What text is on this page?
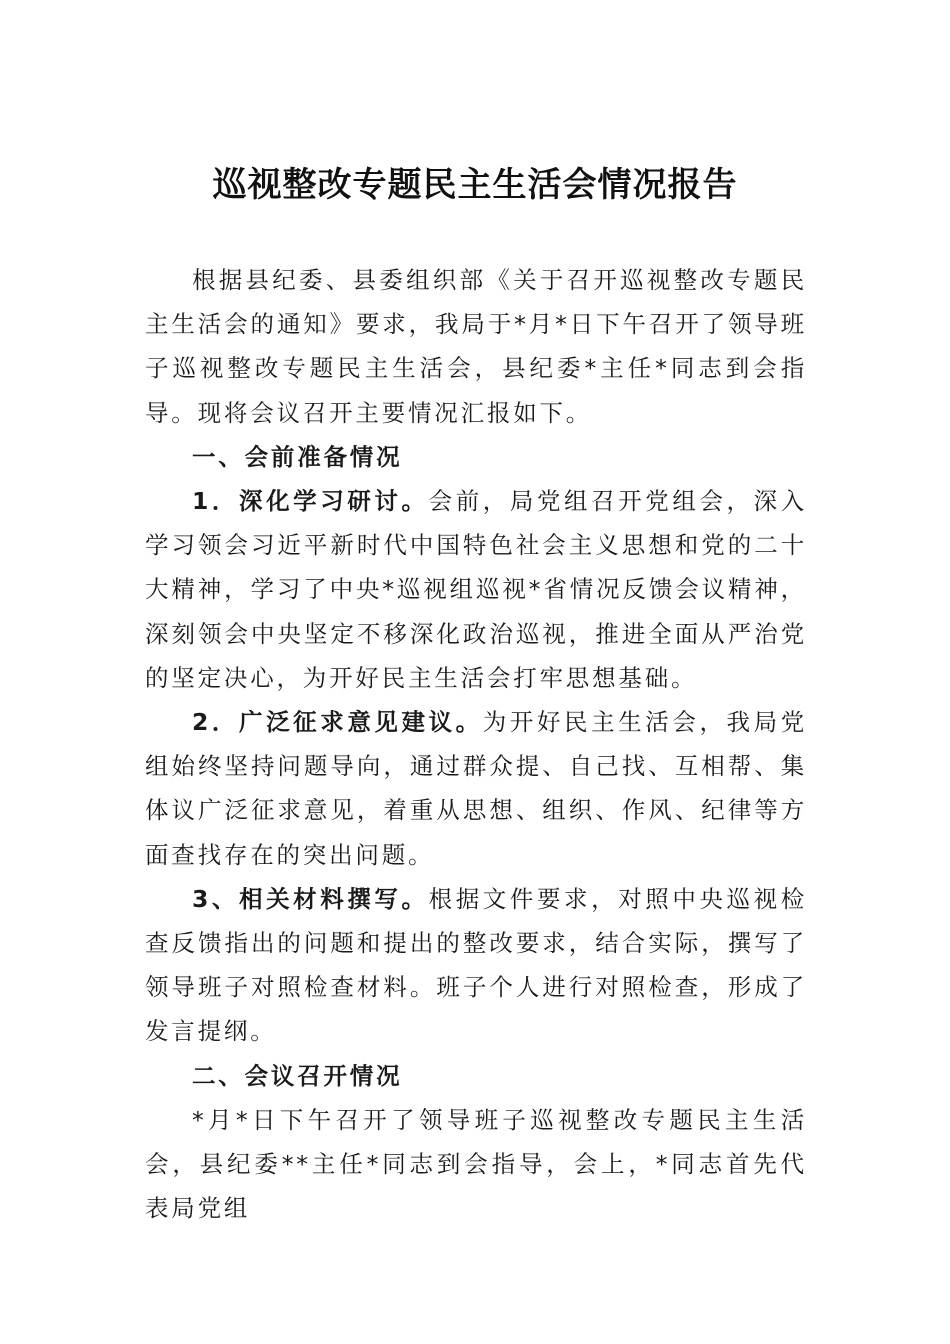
巡视整改专题民主生活会情况报告

根据县纪委、县委组织部《关于召开巡视整改专题民主生活会的通知》要求，我局于*月*日下午召开了领导班子巡视整改专题民主生活会，县纪委*主任*同志到会指导。现将会议召开主要情况汇报如下。

一、会前准备情况

1．深化学习研讨。会前，局党组召开党组会，深入学习领会习近平新时代中国特色社会主义思想和党的二十大精神，学习了中央*巡视组巡视*省情况反馈会议精神，深刻领会中央坚定不移深化政治巡视，推进全面从严治党的坚定决心，为开好民主生活会打牢思想基础。

2．广泛征求意见建议。为开好民主生活会，我局党组始终坚持问题导向，通过群众提、自己找、互相帮、集体议广泛征求意见，着重从思想、组织、作风、纪律等方面查找存在的突出问题。

3、相关材料撰写。根据文件要求，对照中央巡视检查反馈指出的问题和提出的整改要求，结合实际，撰写了领导班子对照检查材料。班子个人进行对照检查，形成了发言提纲。

二、会议召开情况

*月*日下午召开了领导班子巡视整改专题民主生活会，县纪委**主任*同志到会指导，会上，*同志首先代表局党组
